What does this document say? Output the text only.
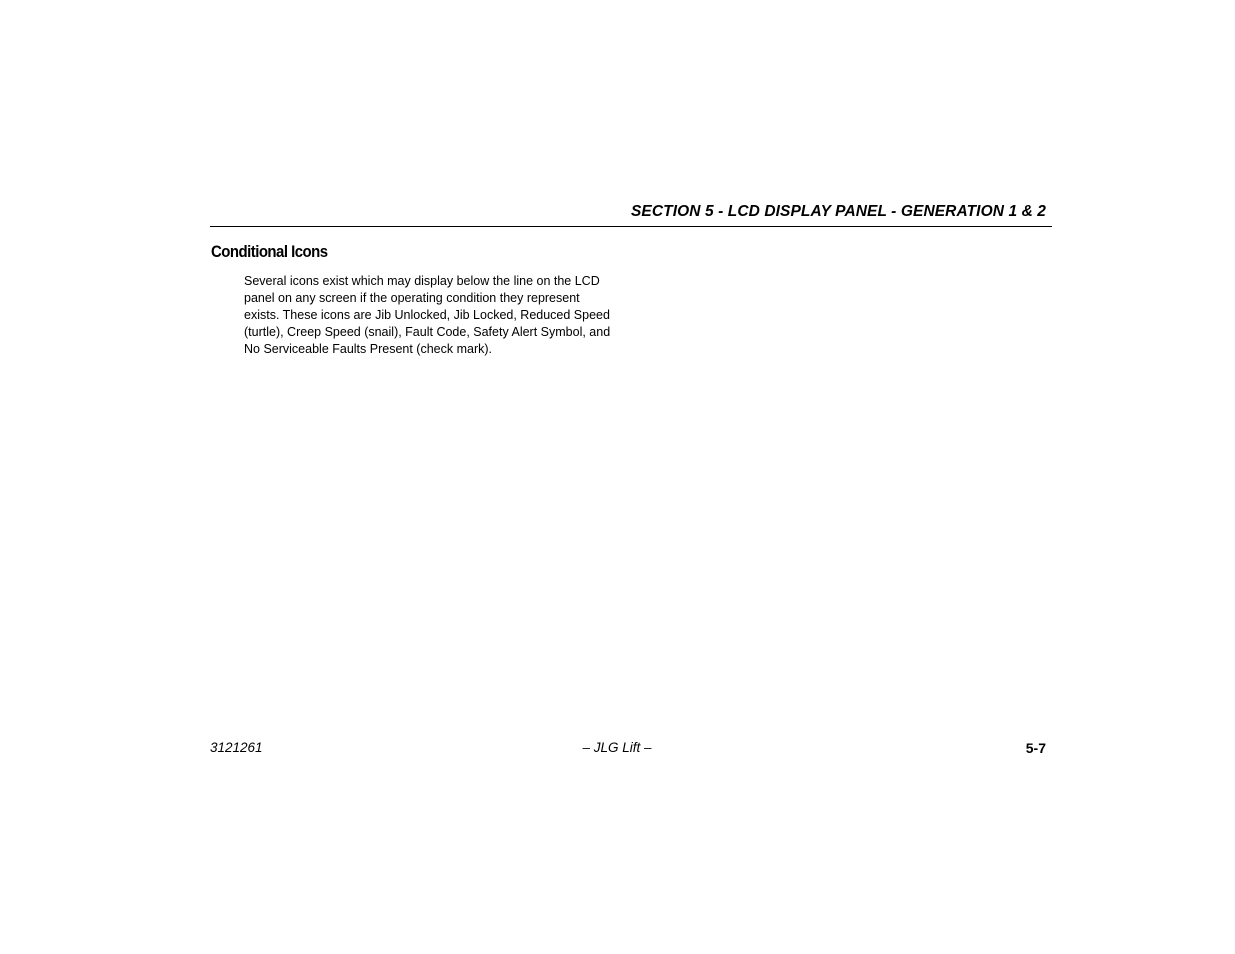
SECTION 5 - LCD DISPLAY PANEL - GENERATION 1 & 2
Conditional Icons
Several icons exist which may display below the line on the LCD
panel on any screen if the operating condition they represent
exists. These icons are Jib Unlocked, Jib Locked, Reduced Speed
(turtle), Creep Speed (snail), Fault Code, Safety Alert Symbol, and
No Serviceable Faults Present (check mark).
3121261	– JLG Lift –	5-7
